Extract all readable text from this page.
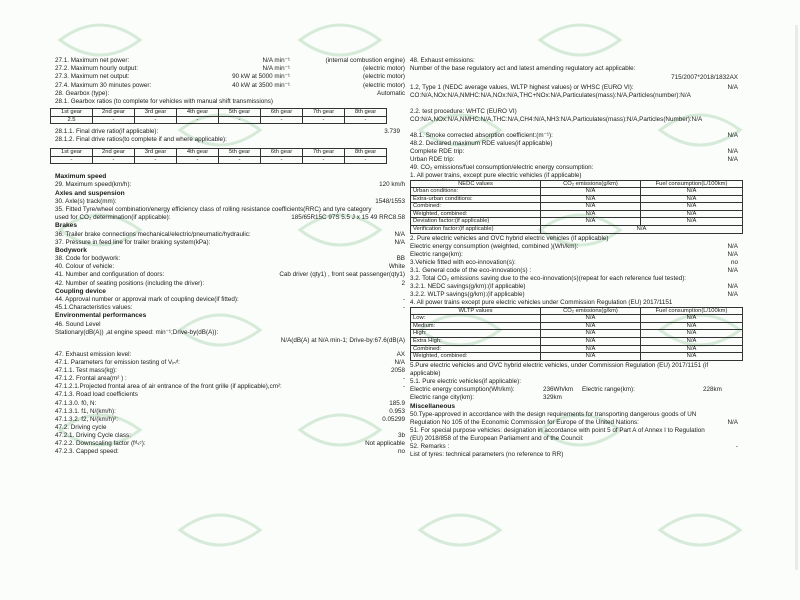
27.1. Maximum net power:	N/A min⁻¹	(internal combustion engine)
27.2. Maximum hourly output:	N/A min⁻¹	(electric motor)
27.3. Maximum net output:	90 kW at 5000 min⁻¹	(electric motor)
27.4. Maximum 30 minutes power:	40 kW at 3500 min⁻¹	(electric motor)
28. Gearbox (type):	Automatic
28.1. Gearbox ratios (to complete for vehicles with manual shift transmissions)
1st gear	2nd gear	3rd gear	4th gear	5th gear	6th gear	7th gear	8th gear
2.5	-	-	-	-	-	-	-
28.1.1. Final drive ratio(if applicable):	3.739
28.1.2. Final drive ratios(to complete if and where applicable):
1st gear	2nd gear	3rd gear	4th gear	5th gear	6th gear	7th gear	8th gear
-	-	-	-	-	-	-	-
Maximum speed
29. Maximum speed(km/h):	120 km/h
Axles and suspension
30. Axle(s) track(mm):	1548/1553
35. Fitted Tyre/wheel combination/energy efficiency class of rolling resistance coefficients(RRC) and tyre category
used for CO₂ determination(if applicable):	185/65R15C 97S 5.5 J x 15 49 RRC8.58
Brakes
36. Trailer brake connections mechanical/electric/pneumatic/hydraulic:	N/A
37. Pressure in feed line for trailer braking system(kPa):	N/A
Bodywork
38. Code for bodywork:	BB
40. Colour of vehicle:	White
41. Number and configuration of doors:	Cab driver (qty1) , front seat passenger(qty1)
42. Number of seating positions (including the driver):	2
Coupling device
44. Approval number or approval mark of coupling device(if fitted):	-
45.1.Characteristics values:	-
Environmental performances
46. Sound Level
Stationary(dB(A)) ,at engine speed: min⁻¹;Drive-by(dB(A)):
N/A(dB(A) at N/A min-1; Drive-by:67.6(dB(A)
47. Exhaust emission level:	AX
47.1. Parameters for emission testing of Vᵢₙᵈ:	N/A
47.1.1. Test mass(kg):	2058
47.1.2. Frontal area(m² ) :	-
47.1.2.1.Projected frontal area of air entrance of the front grille (if applicable),cm²:	-
47.1.3. Road load coefficients
47.1.3.0. f0, N:	185.9
47.1.3.1. f1, N/(km/h):	0.953
47.1.3.2. f2, N/(km/h)²:	0.05299
47.2. Driving cycle
47.2.1. Driving Cycle class:	3b
47.2.2. Downscaling factor (fᵈₛᶜ):	Not applicable
47.2.3. Capped speed:	no
48. Exhaust emissions:
Number of the base regulatory act and latest amending regulatory act applicable:
715/2007*2018/1832AX
1.2, Type 1 (NEDC average values, WLTP highest values) or WHSC (EURO VI):	N/A
CO:N/A,NOx:N/A,NMHC:N/A,NOx:N/A,THC+NOx:N/A,Particulates(mass):N/A,Particles(number):N/A
2.2. test procedure: WHTC (EURO VI)
CO:N/A,NOx:N/A,NMHC:N/A,THC:N/A,CH4:N/A,NH3:N/A,Particulates(mass):N/A,Particles(Number):N/A
48.1. Smoke corrected absorption coefficient:(m⁻¹):	N/A
48.2. Declared maximum RDE values(if applicable)
Complete RDE trip:	N/A
Urban RDE trip:	N/A
49. CO₂ emissions/fuel consumption/electric energy consumption:
1. All power trains, except pure electric vehicles (if applicable)
NEDC values	CO₂ emissions(g/km)	Fuel consumption(L/100km)
Urban conditions:	N/A	N/A
Extra-urban conditions:	N/A	N/A
Combined:	N/A	N/A
Weighted, combined:	N/A	N/A
Deviation factor:(if applicable)	N/A	N/A
Verification factor:(if applicable)	N/A	
2. Pure electric vehicles and OVC hybrid electric vehicles (if applicable)
Electric energy consumption (weighted, combined )(Wh/km):	N/A
Electric range(km):	N/A
3.Vehicle fitted with eco-innovation(s):	no
3.1. General code of the eco-innovation(s) :	N/A
3.2. Total CO₂ emissions saving due to the eco-innovation(s)(repeat for each reference fuel tested):
3.2.1. NEDC savings(g/km):(if applicable)	N/A
3.2.2. WLTP savings(g/km):(if applicable)	N/A
4. All power trains except pure electric vehicles under Commission Regulation (EU) 2017/1151
WLTP values	CO₂ emissions(g/km)	Fuel consumption(L/100km)
Low:	N/A	N/A
Medium:	N/A	N/A
High:	N/A	N/A
Extra High:	N/A	N/A
Combined:	N/A	N/A
Weighted, combined:	N/A	N/A
5.Pure electric vehicles and OVC hybrid electric vehicles, under Commission Regulation (EU) 2017/1151 (if
applicable)
5.1. Pure electric vehicles(if applicable):
Electric energy consumption(Wh/km):	236Wh/km Electric range(km):	228km
Electric range city(km):	329km
Miscellaneous
50.Type-approved in accordance with the design requirements for transporting dangerous goods of UN
Regulation No 105 of the Economic Commission for Europe of the United Nations:	N/A
51. For special purpose vehicles: designation in accordance with point 5 of Part A of Annex I to Regulation
(EU) 2018/858 of the European Parliament and of the Council:
52. Remarks :	-
List of tyres: technical parameters (no reference to RR)
